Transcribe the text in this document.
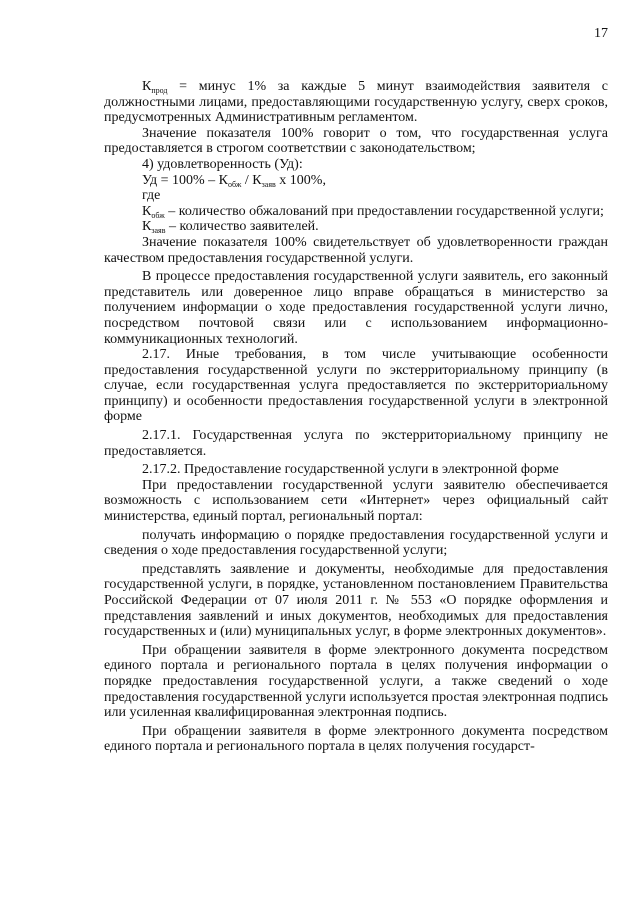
17

$К_{прод}$ = минус 1% за каждые 5 минут взаимодействия заявителя с должностными лицами, предоставляющими государственную услугу, сверх сроков, предусмотренных Административным регламентом.

Значение показателя 100% говорит о том, что государственная услуга предоставляется в строгом соответствии с законодательством;

4) удовлетворенность (Уд):

Уд = $100\% - К_{обж} / К_{заяв}$ x 100%,

где

$К_{обж}$ – количество обжалований при предоставлении государственной услуги;

$К_{заяв}$ – количество заявителей.

Значение показателя 100% свидетельствует об удовлетворенности граждан качеством предоставления государственной услуги.

В процессе предоставления государственной услуги заявитель, его законный представитель или доверенное лицо вправе обращаться в министерство за получением информации о ходе предоставления государственной услуги лично, посредством почтовой связи или с использованием информационно-коммуникационных технологий.

2.17. Иные требования, в том числе учитывающие особенности предоставления государственной услуги по экстерриториальному принципу (в случае, если государственная услуга предоставляется по экстерриториальному принципу) и особенности предоставления государственной услуги в электронной форме

2.17.1. Государственная услуга по экстерриториальному принципу не предоставляется.

2.17.2. Предоставление государственной услуги в электронной форме

При предоставлении государственной услуги заявителю обеспечивается возможность с использованием сети «Интернет» через официальный сайт министерства, единый портал, региональный портал:

получать информацию о порядке предоставления государственной услуги и сведения о ходе предоставления государственной услуги;

представлять заявление и документы, необходимые для предоставления государственной услуги, в порядке, установленном постановлением Правительства Российской Федерации от 07 июля 2011 г. № 553 «О порядке оформления и представления заявлений и иных документов, необходимых для предоставления государственных и (или) муниципальных услуг, в форме электронных документов».

При обращении заявителя в форме электронного документа посредством единого портала и регионального портала в целях получения информации о порядке предоставления государственной услуги, а также сведений о ходе предоставления государственной услуги используется простая электронная подпись или усиленная квалифицированная электронная подпись.

При обращении заявителя в форме электронного документа посредством единого портала и регионального портала в целях получения государст-
